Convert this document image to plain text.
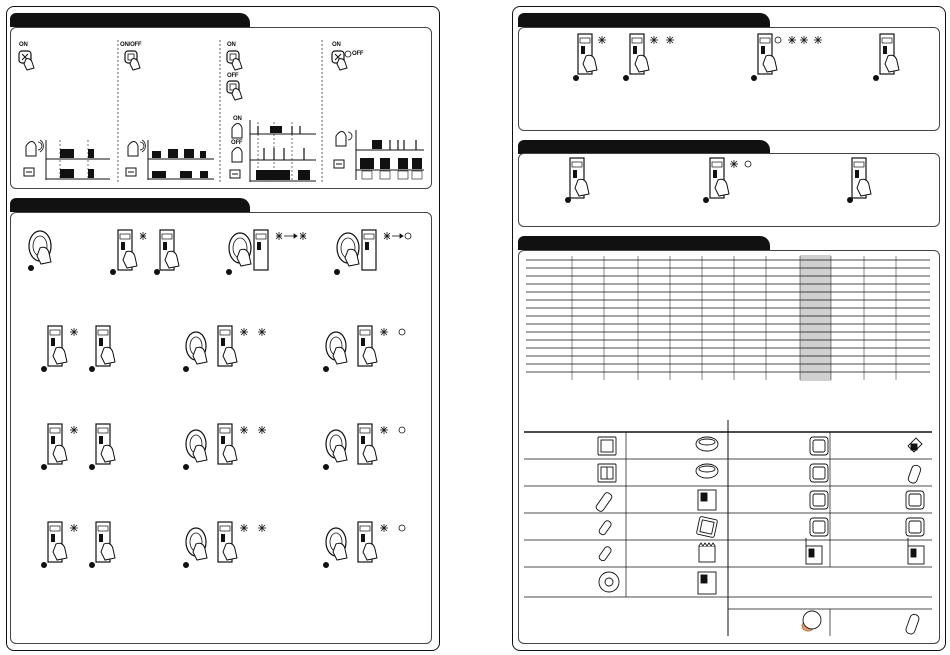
ON	ON/OFF	ON
OFF
ON
OFF
ON
OFF
